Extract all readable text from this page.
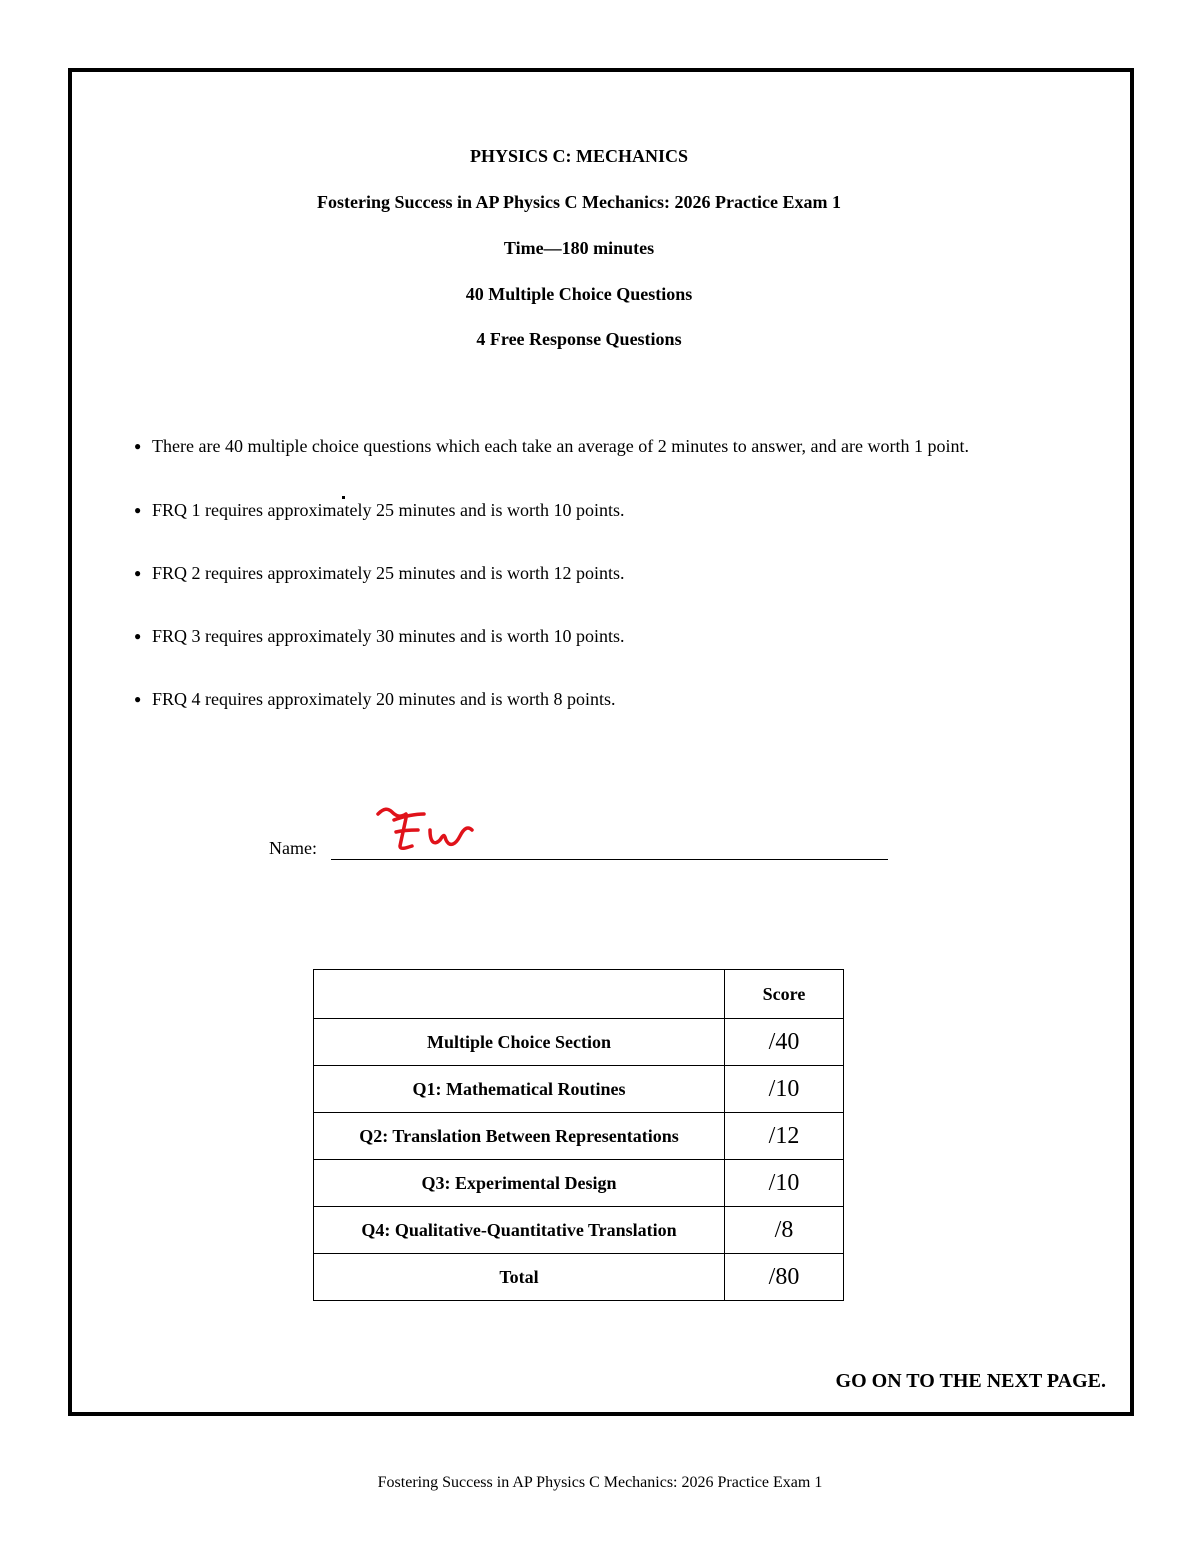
PHYSICS C: MECHANICS

Fostering Success in AP Physics C Mechanics: 2026 Practice Exam 1

Time—180 minutes

40 Multiple Choice Questions

4 Free Response Questions

● There are 40 multiple choice questions which each take an average of 2 minutes to answer, and are worth 1 point.
● FRQ 1 requires approximately 25 minutes and is worth 10 points.
● FRQ 2 requires approximately 25 minutes and is worth 12 points.
● FRQ 3 requires approximately 30 minutes and is worth 10 points.
● FRQ 4 requires approximately 20 minutes and is worth 8 points.
Name:
	Score
Multiple Choice Section	/40
Q1: Mathematical Routines	/10
Q2: Translation Between Representations	/12
Q3: Experimental Design	/10
Q4: Qualitative-Quantitative Translation	/8
Total	/80
GO ON TO THE NEXT PAGE.
Fostering Success in AP Physics C Mechanics: 2026 Practice Exam 1
